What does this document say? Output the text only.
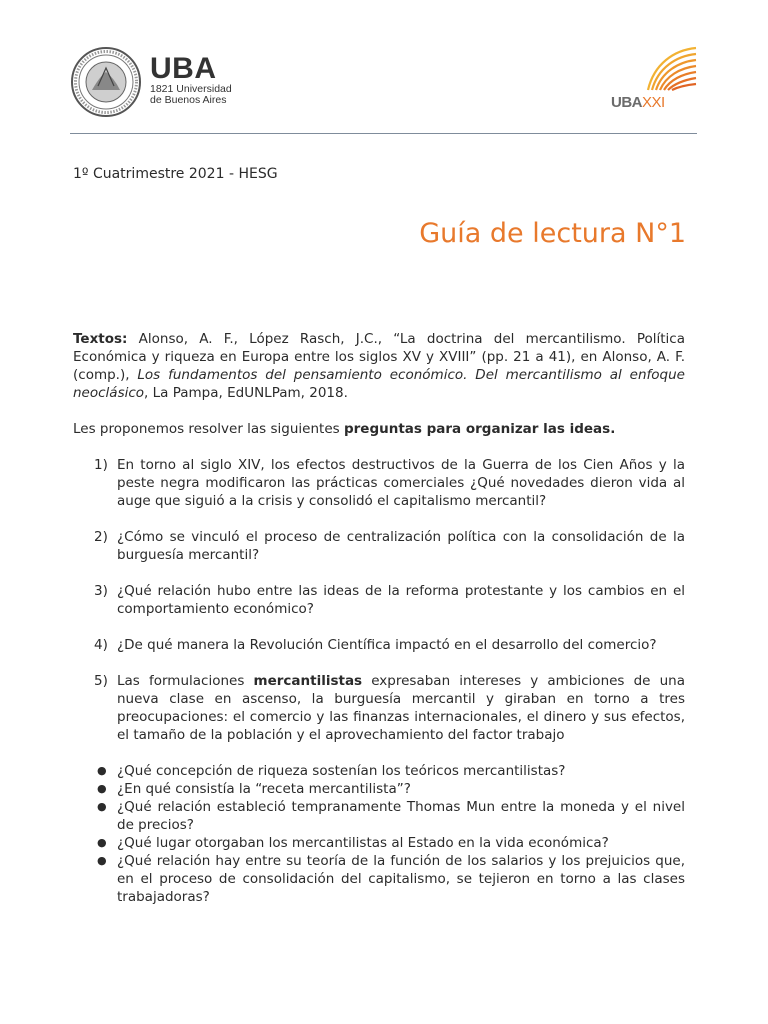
UBA
1821 Universidad
de Buenos Aires	UBAXXI
1º Cuatrimestre 2021 - HESG
Guía de lectura N°1

Textos: Alonso, A. F., López Rasch, J.C., “La doctrina del mercantilismo. Política Económica y riqueza en Europa entre los siglos XV y XVIII” (pp. 21 a 41), en Alonso, A. F. (comp.), Los fundamentos del pensamiento económico. Del mercantilismo al enfoque neoclásico, La Pampa, EdUNLPam, 2018.

Les proponemos resolver las siguientes preguntas para organizar las ideas.

1) En torno al siglo XIV, los efectos destructivos de la Guerra de los Cien Años y la peste negra modificaron las prácticas comerciales ¿Qué novedades dieron vida al auge que siguió a la crisis y consolidó el capitalismo mercantil?
2) ¿Cómo se vinculó el proceso de centralización política con la consolidación de la burguesía mercantil?
3) ¿Qué relación hubo entre las ideas de la reforma protestante y los cambios en el comportamiento económico?
4) ¿De qué manera la Revolución Científica impactó en el desarrollo del comercio?
5) Las formulaciones mercantilistas expresaban intereses y ambiciones de una nueva clase en ascenso, la burguesía mercantil y giraban en torno a tres preocupaciones: el comercio y las finanzas internacionales, el dinero y sus efectos, el tamaño de la población y el aprovechamiento del factor trabajo
● ¿Qué concepción de riqueza sostenían los teóricos mercantilistas?
● ¿En qué consistía la “receta mercantilista”?
● ¿Qué relación estableció tempranamente Thomas Mun entre la moneda y el nivel de precios?
● ¿Qué lugar otorgaban los mercantilistas al Estado en la vida económica?
● ¿Qué relación hay entre su teoría de la función de los salarios y los prejuicios que, en el proceso de consolidación del capitalismo, se tejieron en torno a las clases trabajadoras?
